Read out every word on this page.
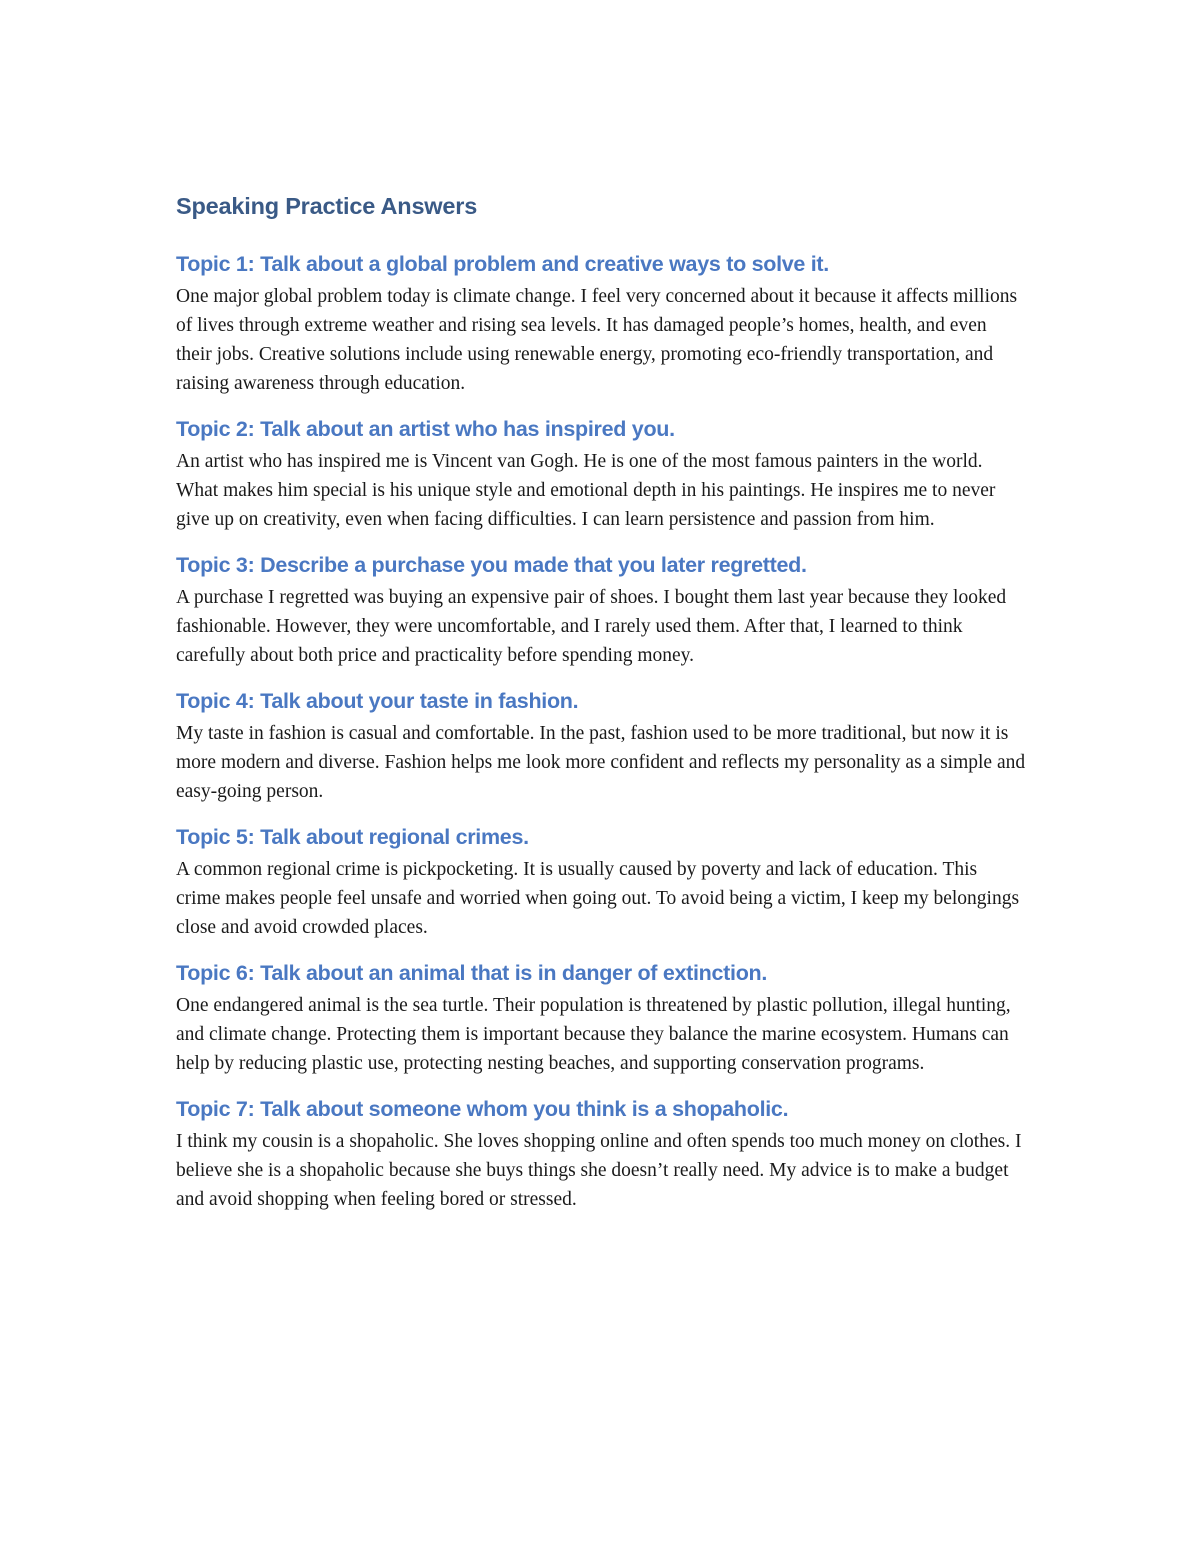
Speaking Practice Answers
Topic 1: Talk about a global problem and creative ways to solve it.

One major global problem today is climate change. I feel very concerned about it because it affects millions of lives through extreme weather and rising sea levels. It has damaged people’s homes, health, and even their jobs. Creative solutions include using renewable energy, promoting eco-friendly transportation, and raising awareness through education.

Topic 2: Talk about an artist who has inspired you.

An artist who has inspired me is Vincent van Gogh. He is one of the most famous painters in the world. What makes him special is his unique style and emotional depth in his paintings. He inspires me to never give up on creativity, even when facing difficulties. I can learn persistence and passion from him.

Topic 3: Describe a purchase you made that you later regretted.

A purchase I regretted was buying an expensive pair of shoes. I bought them last year because they looked fashionable. However, they were uncomfortable, and I rarely used them. After that, I learned to think carefully about both price and practicality before spending money.

Topic 4: Talk about your taste in fashion.

My taste in fashion is casual and comfortable. In the past, fashion used to be more traditional, but now it is more modern and diverse. Fashion helps me look more confident and reflects my personality as a simple and easy-going person.

Topic 5: Talk about regional crimes.

A common regional crime is pickpocketing. It is usually caused by poverty and lack of education. This crime makes people feel unsafe and worried when going out. To avoid being a victim, I keep my belongings close and avoid crowded places.

Topic 6: Talk about an animal that is in danger of extinction.

One endangered animal is the sea turtle. Their population is threatened by plastic pollution, illegal hunting, and climate change. Protecting them is important because they balance the marine ecosystem. Humans can help by reducing plastic use, protecting nesting beaches, and supporting conservation programs.

Topic 7: Talk about someone whom you think is a shopaholic.

I think my cousin is a shopaholic. She loves shopping online and often spends too much money on clothes. I believe she is a shopaholic because she buys things she doesn’t really need. My advice is to make a budget and avoid shopping when feeling bored or stressed.
